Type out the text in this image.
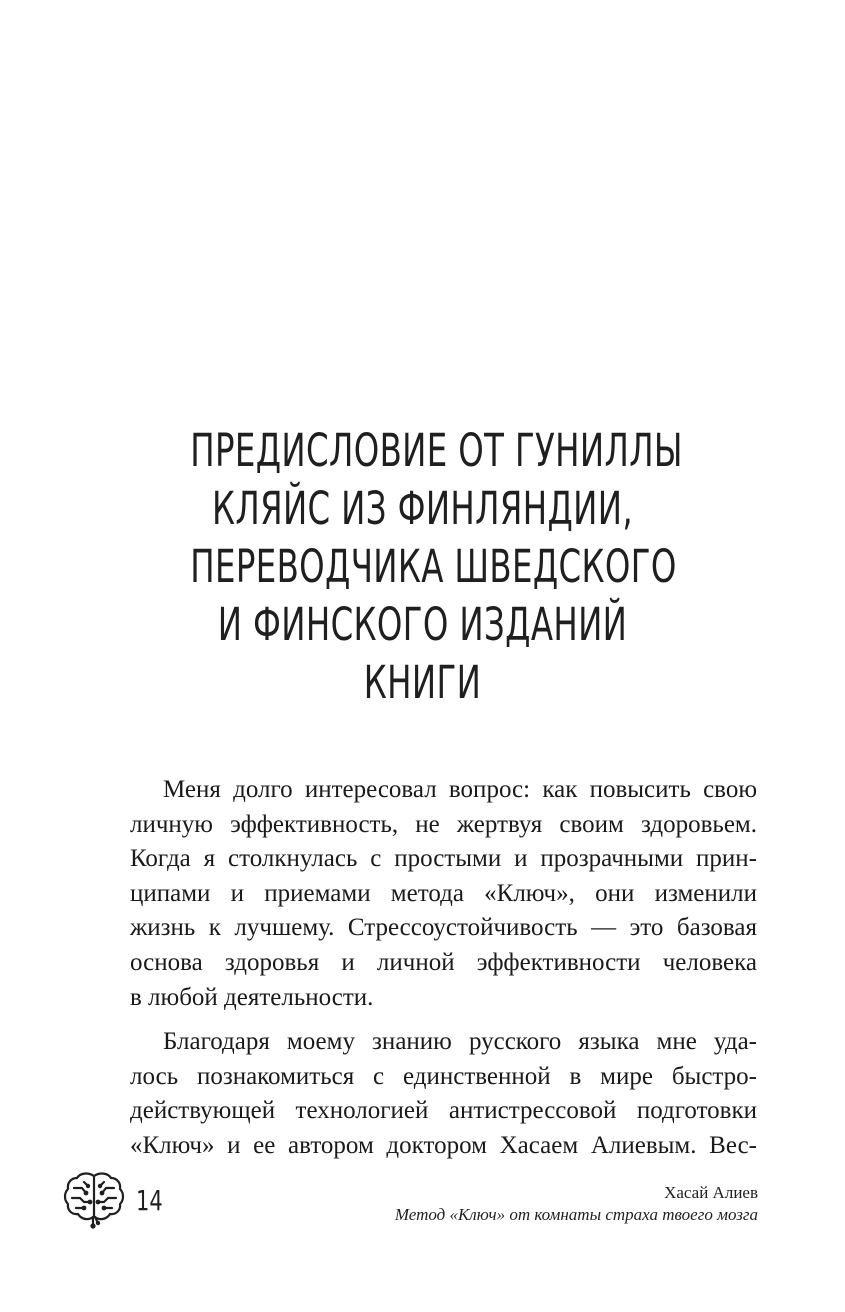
ПРЕДИСЛОВИЕ ОТ ГУНИЛЛЫ
КЛЯЙС ИЗ ФИНЛЯНДИИ,
ПЕРЕВОДЧИКА ШВЕДСКОГО
И ФИНСКОГО ИЗДАНИЙ
КНИГИ

Меня долго интересовал вопрос: как повысить свою
личную эффективность, не жертвуя своим здоровьем.
Когда я столкнулась с простыми и прозрачными прин-
ципами и приемами метода «Ключ», они изменили
жизнь к лучшему. Стрессоустойчивость — это базовая
основа здоровья и личной эффективности человека
в любой деятельности.

Благодаря моему знанию русского языка мне уда-
лось познакомиться с единственной в мире быстро-
действующей технологией антистрессовой подготовки
«Ключ» и ее автором доктором Хасаем Алиевым. Вес-

14	Хасай Алиев
Метод «Ключ» от комнаты страха твоего мозга
